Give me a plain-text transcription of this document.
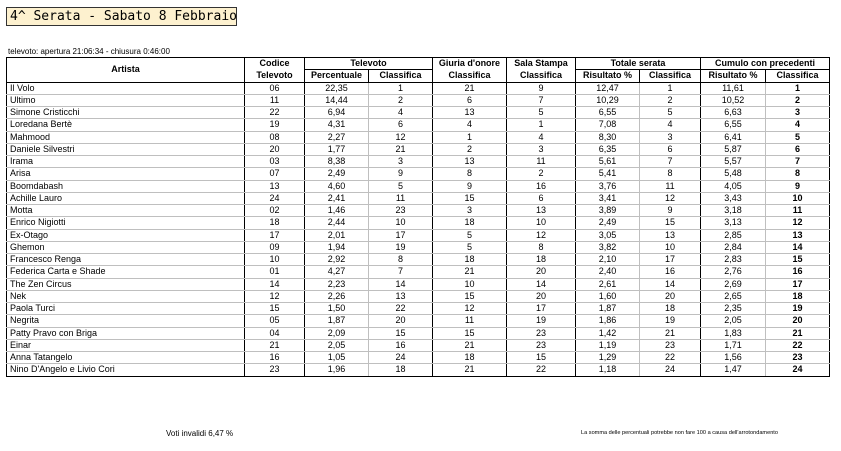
4^ Serata - Sabato 8 Febbraio
televoto: apertura 21:06:34 - chiusura 0:46:00
Artista	Codice	Televoto		Giuria d'onore	Sala Stampa	Totale serata		Cumulo con precedenti	
	Televoto	Percentuale	Classifica	Classifica	Classifica	Risultato %	Classifica	Risultato %	Classifica
Il Volo	06	22,35	1	21	9	12,47	1	11,61	1
Ultimo	11	14,44	2	6	7	10,29	2	10,52	2
Simone Cristicchi	22	6,94	4	13	5	6,55	5	6,63	3
Loredana Bertè	19	4,31	6	4	1	7,08	4	6,55	4
Mahmood	08	2,27	12	1	4	8,30	3	6,41	5
Daniele Silvestri	20	1,77	21	2	3	6,35	6	5,87	6
Irama	03	8,38	3	13	11	5,61	7	5,57	7
Arisa	07	2,49	9	8	2	5,41	8	5,48	8
Boomdabash	13	4,60	5	9	16	3,76	11	4,05	9
Achille Lauro	24	2,41	11	15	6	3,41	12	3,43	10
Motta	02	1,46	23	3	13	3,89	9	3,18	11
Enrico Nigiotti	18	2,44	10	18	10	2,49	15	3,13	12
Ex-Otago	17	2,01	17	5	12	3,05	13	2,85	13
Ghemon	09	1,94	19	5	8	3,82	10	2,84	14
Francesco Renga	10	2,92	8	18	18	2,10	17	2,83	15
Federica Carta e Shade	01	4,27	7	21	20	2,40	16	2,76	16
The Zen Circus	14	2,23	14	10	14	2,61	14	2,69	17
Nek	12	2,26	13	15	20	1,60	20	2,65	18
Paola Turci	15	1,50	22	12	17	1,87	18	2,35	19
Negrita	05	1,87	20	11	19	1,86	19	2,05	20
Patty Pravo con Briga	04	2,09	15	15	23	1,42	21	1,83	21
Einar	21	2,05	16	21	23	1,19	23	1,71	22
Anna Tatangelo	16	1,05	24	18	15	1,29	22	1,56	23
Nino D'Angelo e Livio Cori	23	1,96	18	21	22	1,18	24	1,47	24
Voti invalidi 6,47 %	La somma delle percentuali potrebbe non fare 100 a causa dell'arrotondamento
